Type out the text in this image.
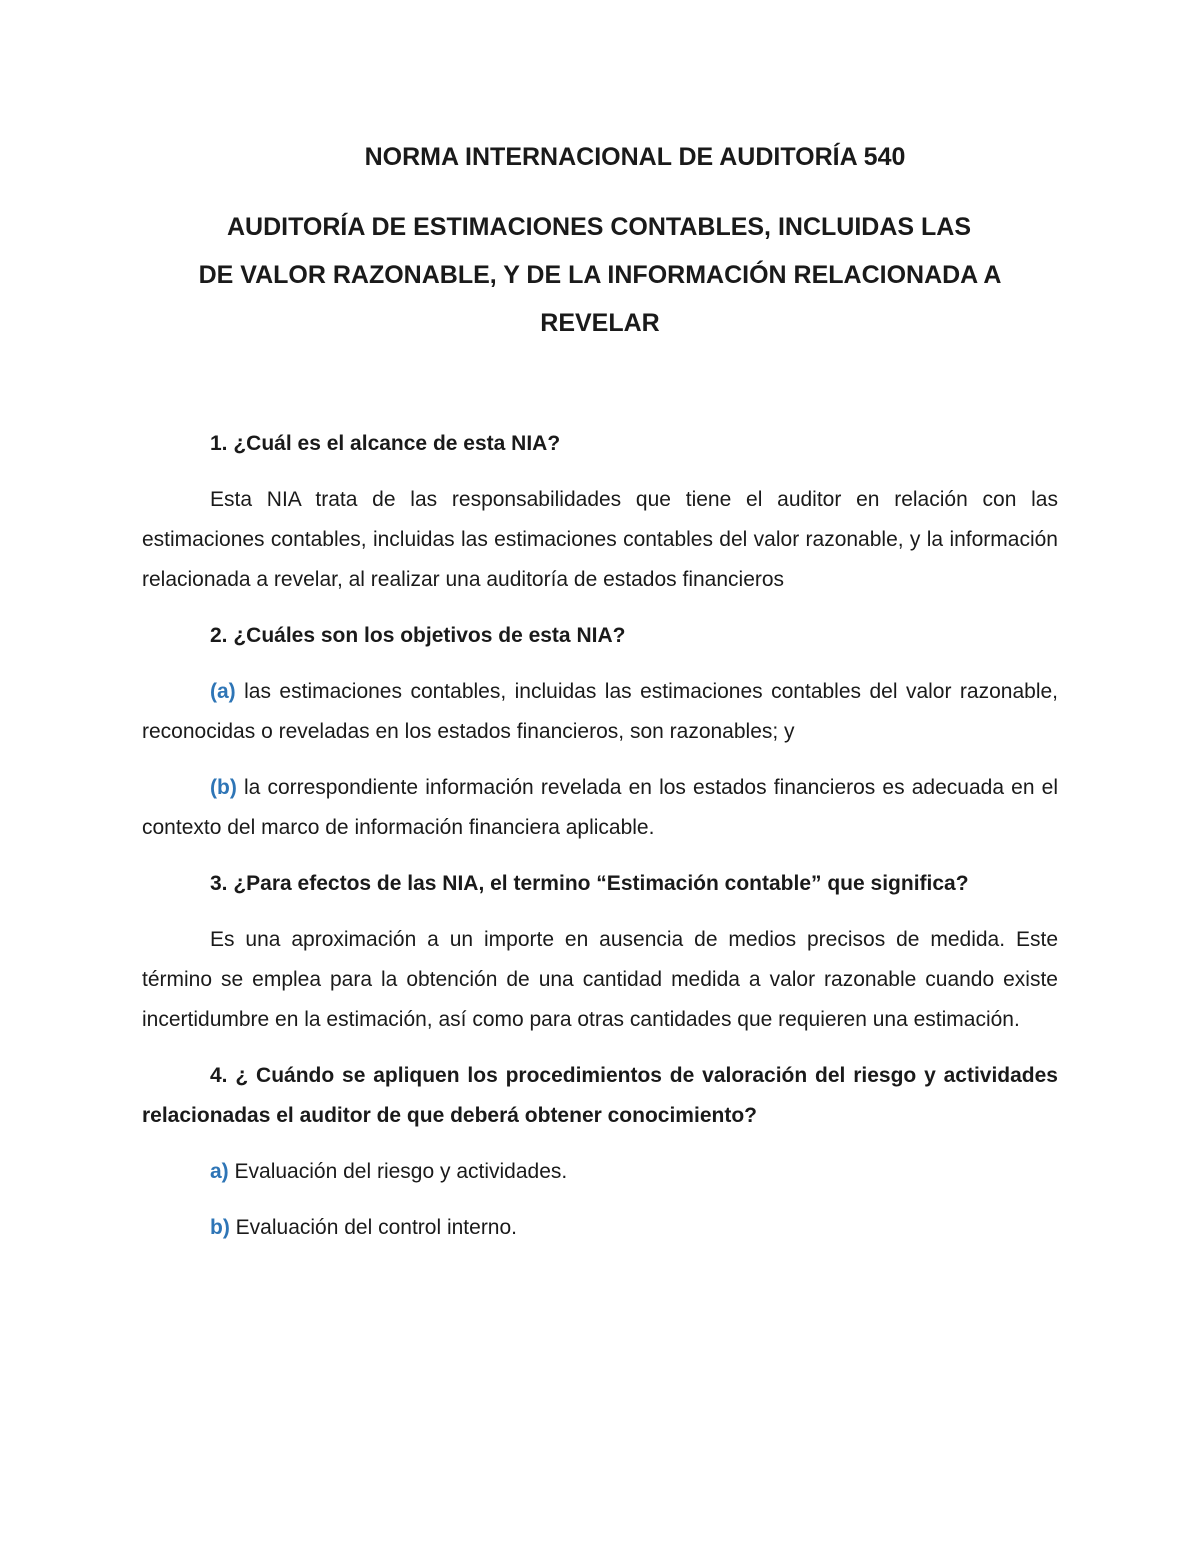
NORMA INTERNACIONAL DE AUDITORÍA 540
AUDITORÍA DE ESTIMACIONES CONTABLES, INCLUIDAS LAS
DE VALOR RAZONABLE, Y DE LA INFORMACIÓN RELACIONADA A
REVELAR

1. ¿Cuál es el alcance de esta NIA?

Esta NIA trata de las responsabilidades que tiene el auditor en relación con las estimaciones contables, incluidas las estimaciones contables del valor razonable, y la información relacionada a revelar, al realizar una auditoría de estados financieros

2. ¿Cuáles son los objetivos de esta NIA?

(a) las estimaciones contables, incluidas las estimaciones contables del valor razonable, reconocidas o reveladas en los estados financieros, son razonables; y

(b) la correspondiente información revelada en los estados financieros es adecuada en el contexto del marco de información financiera aplicable.

3. ¿Para efectos de las NIA, el termino “Estimación contable” que significa?

Es una aproximación a un importe en ausencia de medios precisos de medida. Este término se emplea para la obtención de una cantidad medida a valor razonable cuando existe incertidumbre en la estimación, así como para otras cantidades que requieren una estimación.

4. ¿ Cuándo se apliquen los procedimientos de valoración del riesgo y actividades relacionadas el auditor de que deberá obtener conocimiento?

a) Evaluación del riesgo y actividades.

b) Evaluación del control interno.
